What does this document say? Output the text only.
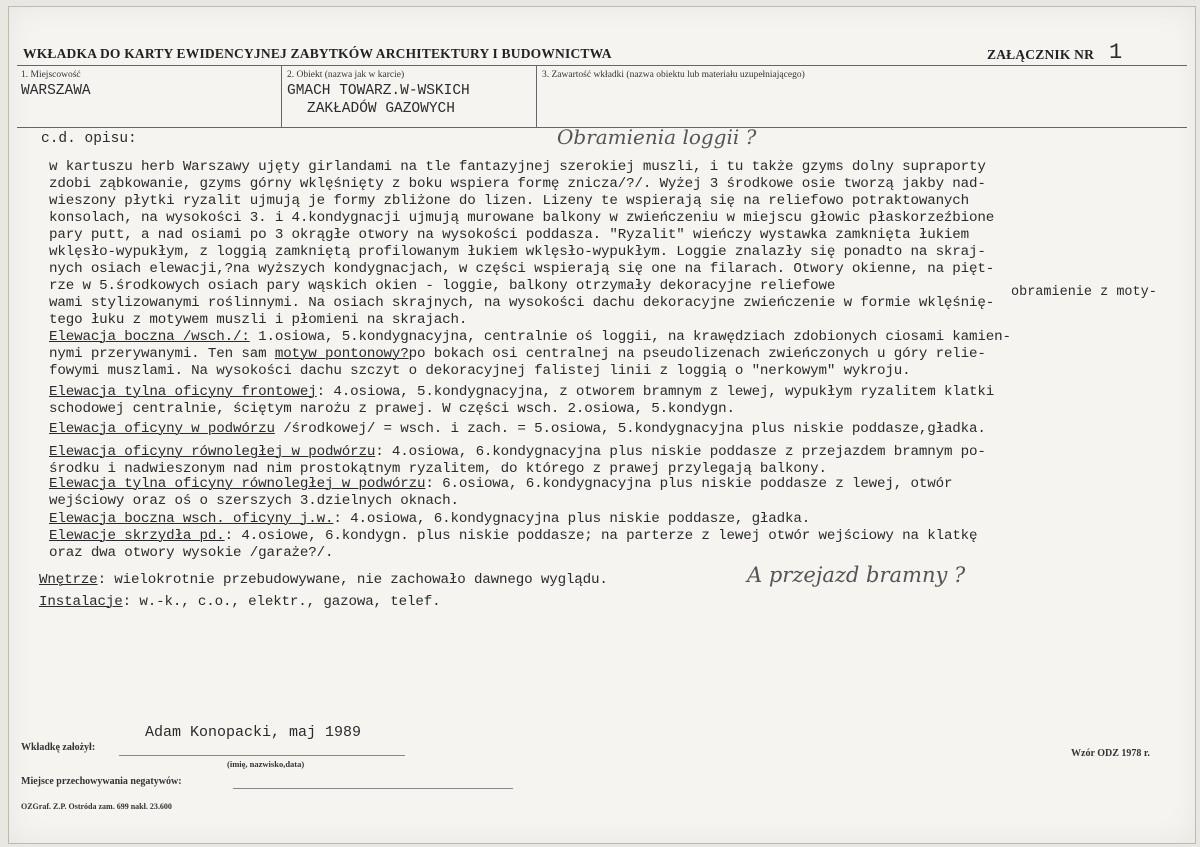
WKŁADKA DO KARTY EWIDENCYJNEJ ZABYTKÓW ARCHITEKTURY I BUDOWNICTWA	ZAŁĄCZNIK NR 1
1. Miejscowość
WARSZAWA
2. Obiekt (nazwa jak w karcie)
GMACH TOWARZ.W-WSKICH
ZAKŁADÓW GAZOWYCH
3. Zawartość wkładki (nazwa obiektu lub materiału uzupełniającego)
c.d. opisu:	Obramienia loggii ?
w kartuszu herb Warszawy ujęty girlandami na tle fantazyjnej szerokiej muszli, i tu także gzyms dolny supraporty
zdobi ząbkowanie, gzyms górny wklęśnięty z boku wspiera formę znicza/?/. Wyżej 3 środkowe osie tworzą jakby nad-
wieszony płytki ryzalit ujmują je formy zbliżone do lizen. Lizeny te wspierają się na reliefowo potraktowanych
konsolach, na wysokości 3. i 4.kondygnacji ujmują murowane balkony w zwieńczeniu w miejscu głowic płaskorzeźbione
pary putt, a nad osiami po 3 okrągłe otwory na wysokości poddasza. "Ryzalit" wieńczy wystawka zamknięta łukiem
wklęsło-wypukłym, z loggią zamkniętą profilowanym łukiem wklęsło-wypukłym. Loggie znalazły się ponadto na skraj-
nych osiach elewacji,?na wyższych kondygnacjach, w części wspierają się one na filarach. Otwory okienne, na pięt-
rze w 5.środkowych osiach pary wąskich okien - loggie, balkony otrzymały dekoracyjne reliefowe	obramienie z moty-
wami stylizowanymi roślinnymi. Na osiach skrajnych, na wysokości dachu dekoracyjne zwieńczenie w formie wklęśnię-
tego łuku z motywem muszli i płomieni na skrajach.
Elewacja boczna /wsch./: 1.osiowa, 5.kondygnacyjna, centralnie oś loggii, na krawędziach zdobionych ciosami kamien-
nymi przerywanymi. Ten sam motyw pontonowy?po bokach osi centralnej na pseudolizenach zwieńczonych u góry relie-
fowymi muszlami. Na wysokości dachu szczyt o dekoracyjnej falistej linii z loggią o "nerkowym" wykroju.
Elewacja tylna oficyny frontowej: 4.osiowa, 5.kondygnacyjna, z otworem bramnym z lewej, wypukłym ryzalitem klatki
schodowej centralnie, ściętym narożu z prawej. W części wsch. 2.osiowa, 5.kondygn.
Elewacja oficyny w podwórzu /środkowej/ = wsch. i zach. = 5.osiowa, 5.kondygnacyjna plus niskie poddasze,gładka.
Elewacja oficyny równoległej w podwórzu: 4.osiowa, 6.kondygnacyjna plus niskie poddasze z przejazdem bramnym po-
środku i nadwieszonym nad nim prostokątnym ryzalitem, do którego z prawej przylegają balkony.
Elewacja tylna oficyny równoległej w podwórzu: 6.osiowa, 6.kondygnacyjna plus niskie poddasze z lewej, otwór
wejściowy oraz oś o szerszych 3.dzielnych oknach.
Elewacja boczna wsch. oficyny j.w.: 4.osiowa, 6.kondygnacyjna plus niskie poddasze, gładka.
Elewacje skrzydła pd.: 4.osiowe, 6.kondygn. plus niskie poddasze; na parterze z lewej otwór wejściowy na klatkę
oraz dwa otwory wysokie /garaże?/.
Wnętrze: wielokrotnie przebudowywane, nie zachowało dawnego wyglądu.	A przejazd bramny ?
Instalacje: w.-k., c.o., elektr., gazowa, telef.
Adam Konopacki, maj 1989
Wkładkę założył:
(imię, nazwisko,data)
Wzór ODZ 1978 r.
Miejsce przechowywania negatywów:
OZGraf. Z.P. Ostróda zam. 699 nakł. 23.600
